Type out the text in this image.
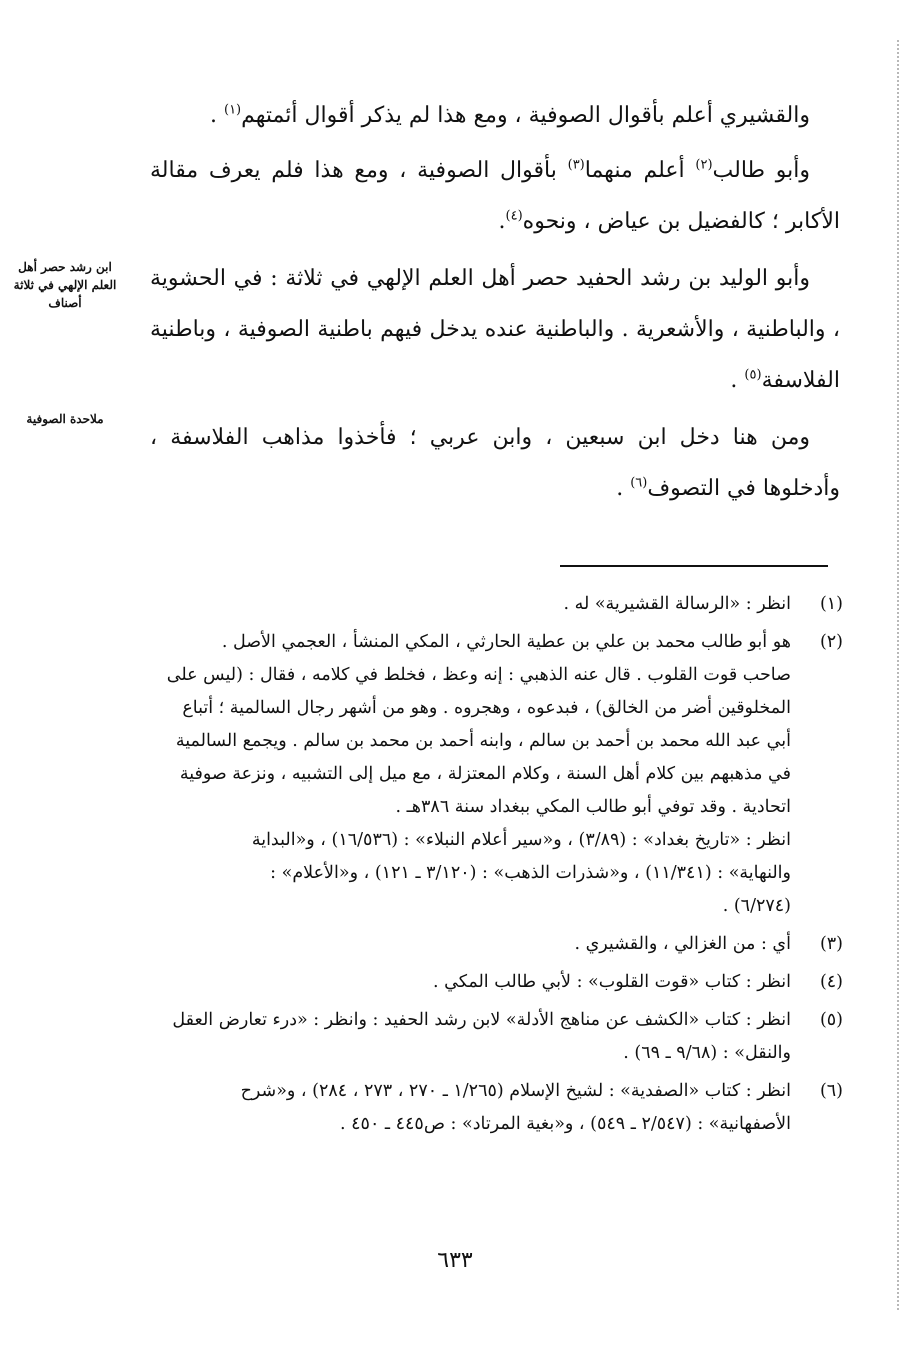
والقشيري أعلم بأقوال الصوفية ، ومع هذا لم يذكر أقوال أئمتهم$^{(١)}$ .

وأبو طالب$^{(٢)}$ أعلم منهما$^{(٣)}$ بأقوال الصوفية ، ومع هذا فلم يعرف مقالة الأكابر ؛ كالفضيل بن عياض ، ونحوه$^{(٤)}$.

وأبو الوليد بن رشد الحفيد حصر أهل العلم الإلهي في ثلاثة : في الحشوية ، والباطنية ، والأشعرية . والباطنية عنده يدخل فيهم باطنية الصوفية ، وباطنية الفلاسفة$^{(٥)}$ .

ومن هنا دخل ابن سبعين ، وابن عربي ؛ فأخذوا مذاهب الفلاسفة ، وأدخلوها في التصوف$^{(٦)}$ .

ابن رشد حصر أهل العلم الإلهي في ثلاثة أصناف
ملاحدة الصوفية
(١)
انظر : «الرسالة القشيرية» له .
(٢)
هو أبو طالب محمد بن علي بن عطية الحارثي ، المكي المنشأ ، العجمي الأصل .
صاحب قوت القلوب . قال عنه الذهبي : إنه وعظ ، فخلط في كلامه ، فقال : (ليس على
المخلوقين أضر من الخالق) ، فبدعوه ، وهجروه . وهو من أشهر رجال السالمية ؛ أتباع
أبي عبد الله محمد بن أحمد بن سالم ، وابنه أحمد بن محمد بن سالم . ويجمع السالمية
في مذهبهم بين كلام أهل السنة ، وكلام المعتزلة ، مع ميل إلى التشبيه ، ونزعة صوفية
اتحادية . وقد توفي أبو طالب المكي ببغداد سنة ٣٨٦هـ .
انظر : «تاريخ بغداد» : (٣/٨٩) ، و«سير أعلام النبلاء» : (١٦/٥٣٦) ، و«البداية
والنهاية» : (١١/٣٤١) ، و«شذرات الذهب» : (٣/١٢٠ ـ ١٢١) ، و«الأعلام» :
(٦/٢٧٤) .
(٣)
أي : من الغزالي ، والقشيري .
(٤)
انظر : كتاب «قوت القلوب» : لأبي طالب المكي .
(٥)
انظر : كتاب «الكشف عن مناهج الأدلة» لابن رشد الحفيد : وانظر : «درء تعارض العقل
والنقل» : (٩/٦٨ ـ ٦٩) .
(٦)
انظر : كتاب «الصفدية» : لشيخ الإسلام (١/٢٦٥ ـ ٢٧٠ ، ٢٧٣ ، ٢٨٤) ، و«شرح
الأصفهانية» : (٢/٥٤٧ ـ ٥٤٩) ، و«بغية المرتاد» : ص٤٤٥ ـ ٤٥٠ .
٦٣٣
